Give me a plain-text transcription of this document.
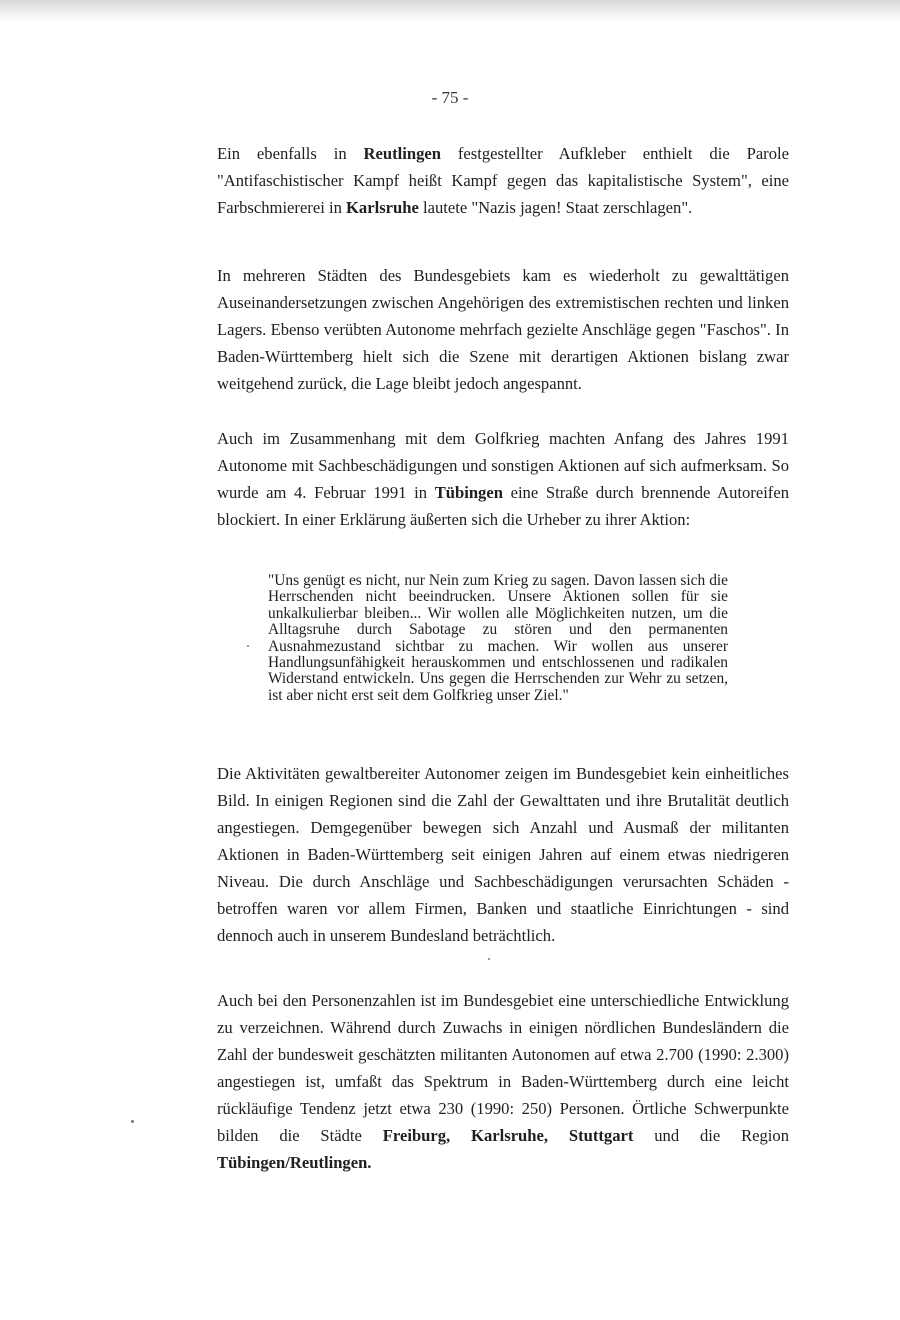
- 75 -

Ein ebenfalls in Reutlingen festgestellter Aufkleber enthielt die Parole "Antifaschistischer Kampf heißt Kampf gegen das kapitalistische System", eine Farbschmiererei in Karlsruhe lautete "Nazis jagen! Staat zerschlagen".

In mehreren Städten des Bundesgebiets kam es wiederholt zu gewalttätigen Auseinandersetzungen zwischen Angehörigen des extremistischen rechten und linken Lagers. Ebenso verübten Autonome mehrfach gezielte Anschläge gegen "Faschos". In Baden-Württemberg hielt sich die Szene mit derartigen Aktionen bislang zwar weitgehend zurück, die Lage bleibt jedoch angespannt.

Auch im Zusammenhang mit dem Golfkrieg machten Anfang des Jahres 1991 Autonome mit Sachbeschädigungen und sonstigen Aktionen auf sich aufmerksam. So wurde am 4. Februar 1991 in Tübingen eine Straße durch brennende Autoreifen blockiert. In einer Erklärung äußerten sich die Urheber zu ihrer Aktion:

"Uns genügt es nicht, nur Nein zum Krieg zu sagen. Davon lassen sich die Herrschenden nicht beeindrucken. Unsere Aktionen sollen für sie unkalkulierbar bleiben... Wir wollen alle Möglichkeiten nutzen, um die Alltagsruhe durch Sabotage zu stören und den permanenten Ausnahmezustand sichtbar zu machen. Wir wollen aus unserer Handlungsunfähigkeit herauskommen und entschlossenen und radikalen Widerstand entwickeln. Uns gegen die Herrschenden zur Wehr zu setzen, ist aber nicht erst seit dem Golfkrieg unser Ziel."

Die Aktivitäten gewaltbereiter Autonomer zeigen im Bundesgebiet kein einheitliches Bild. In einigen Regionen sind die Zahl der Gewalttaten und ihre Brutalität deutlich angestiegen. Demgegenüber bewegen sich Anzahl und Ausmaß der militanten Aktionen in Baden-Württemberg seit einigen Jahren auf einem etwas niedrigeren Niveau. Die durch Anschläge und Sachbeschädigungen verursachten Schäden - betroffen waren vor allem Firmen, Banken und staatliche Einrichtungen - sind dennoch auch in unserem Bundesland beträchtlich.

Auch bei den Personenzahlen ist im Bundesgebiet eine unterschiedliche Entwicklung zu verzeichnen. Während durch Zuwachs in einigen nördlichen Bundesländern die Zahl der bundesweit geschätzten militanten Autonomen auf etwa 2.700 (1990: 2.300) angestiegen ist, umfaßt das Spektrum in Baden-Württemberg durch eine leicht rückläufige Tendenz jetzt etwa 230 (1990: 250) Personen. Örtliche Schwerpunkte bilden die Städte Freiburg, Karlsruhe, Stuttgart und die Region Tübingen/Reutlingen.
